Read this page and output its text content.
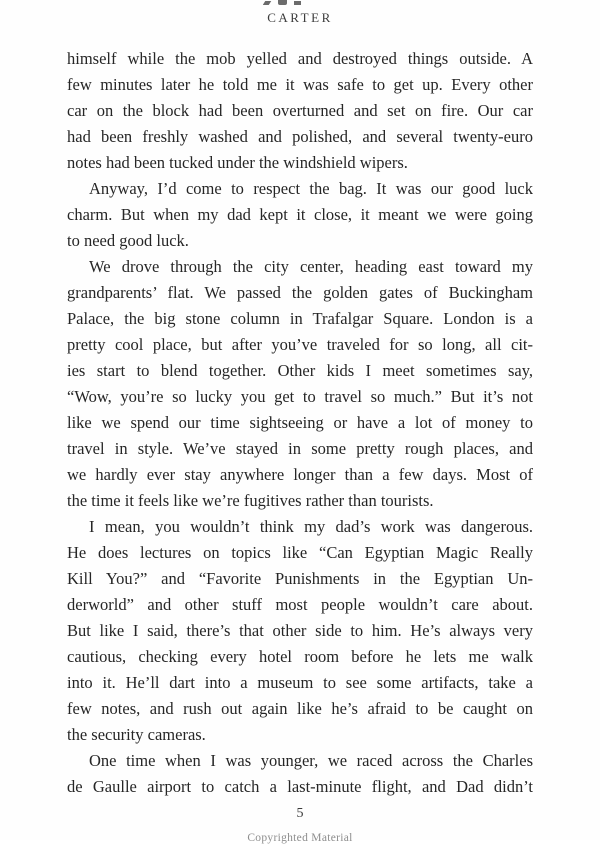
CARTER
himself while the mob yelled and destroyed things outside. A
few minutes later he told me it was safe to get up. Every other
car on the block had been overturned and set on fire. Our car
had been freshly washed and polished, and several twenty-euro
notes had been tucked under the windshield wipers.
Anyway, I’d come to respect the bag. It was our good luck
charm. But when my dad kept it close, it meant we were going
to need good luck.
We drove through the city center, heading east toward my
grandparents’ flat. We passed the golden gates of Buckingham
Palace, the big stone column in Trafalgar Square. London is a
pretty cool place, but after you’ve traveled for so long, all cit-
ies start to blend together. Other kids I meet sometimes say,
“Wow, you’re so lucky you get to travel so much.” But it’s not
like we spend our time sightseeing or have a lot of money to
travel in style. We’ve stayed in some pretty rough places, and
we hardly ever stay anywhere longer than a few days. Most of
the time it feels like we’re fugitives rather than tourists.
I mean, you wouldn’t think my dad’s work was dangerous.
He does lectures on topics like “Can Egyptian Magic Really
Kill You?” and “Favorite Punishments in the Egyptian Un-
derworld” and other stuff most people wouldn’t care about.
But like I said, there’s that other side to him. He’s always very
cautious, checking every hotel room before he lets me walk
into it. He’ll dart into a museum to see some artifacts, take a
few notes, and rush out again like he’s afraid to be caught on
the security cameras.
One time when I was younger, we raced across the Charles
de Gaulle airport to catch a last-minute flight, and Dad didn’t
5
Copyrighted Material
